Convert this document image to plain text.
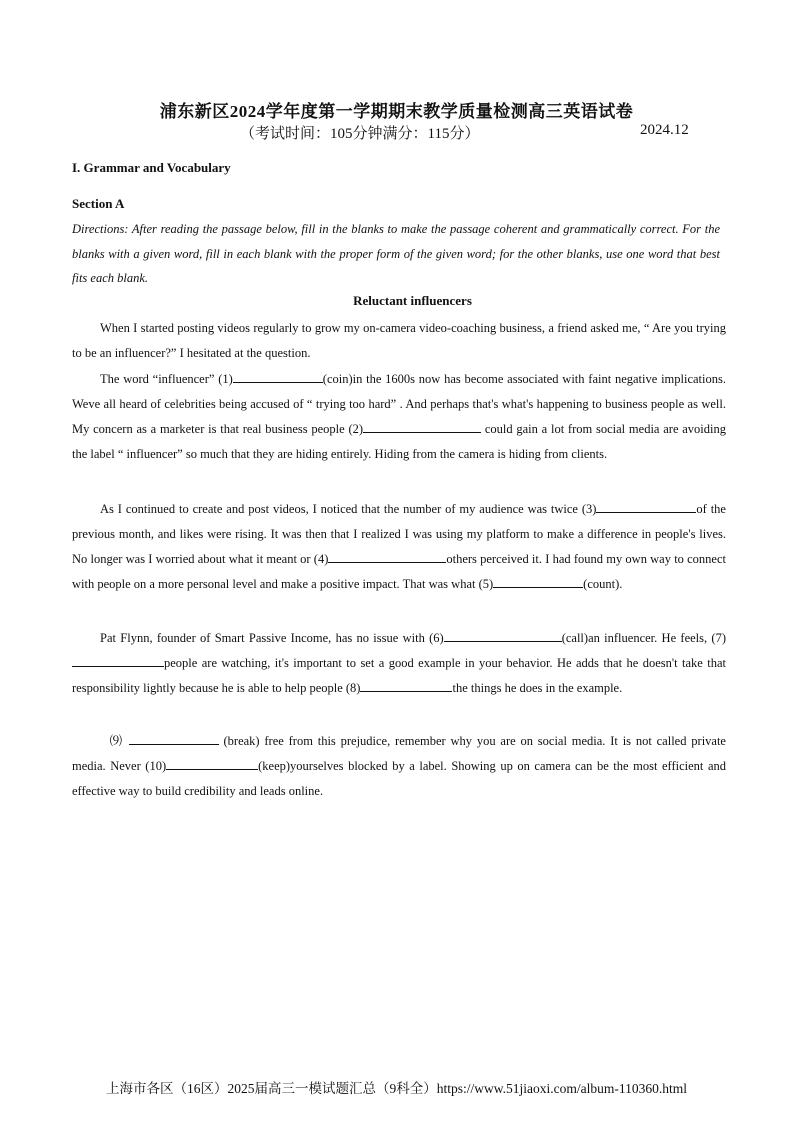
浦东新区2024学年度第一学期期末教学质量检测高三英语试卷
（考试时间：105分钟满分：115分）	2024.12
I. Grammar and Vocabulary
Section A
Directions: After reading the passage below, fill in the blanks to make the passage coherent and grammatically correct. For the blanks with a given word, fill in each blank with the proper form of the given word; for the other blanks, use one word that best fits each blank.
Reluctant influencers
When I started posting videos regularly to grow my on-camera video-coaching business, a friend asked me, “ Are you trying to be an influencer?” I hesitated at the question.
The word “influencer” (1)	(coin)in the 1600s now has become associated with faint negative implications. Weve all heard of celebrities being accused of “ trying too hard” . And perhaps that's what's happening to business people as well. My concern as a marketer is that real business people (2)	could gain a lot from social media are avoiding the label “ influencer” so much that they are hiding entirely. Hiding from the camera is hiding from clients.
As I continued to create and post videos, I noticed that the number of my audience was twice (3)	of the previous month, and likes were rising. It was then that I realized I was using my platform to make a difference in people's lives. No longer was I worried about what it meant or (4)	others perceived it. I had found my own way to connect with people on a more personal level and make a positive impact. That was what (5)	(count).
Pat Flynn, founder of Smart Passive Income, has no issue with (6)	(call)an influencer. He feels, (7)people are watching, it's important to set a good example in your behavior. He adds that he doesn't take that responsibility lightly because he is able to help people (8)	the things he does in the example.
⑼	(break) free from this prejudice, remember why you are on social media. It is not called private media. Never (10)	(keep)yourselves blocked by a label. Showing up on camera can be the most efficient and effective way to build credibility and leads online.
上海市各区（16区）2025届高三一模试题汇总（9科全）https://www.51jiaoxi.com/album-110360.html
